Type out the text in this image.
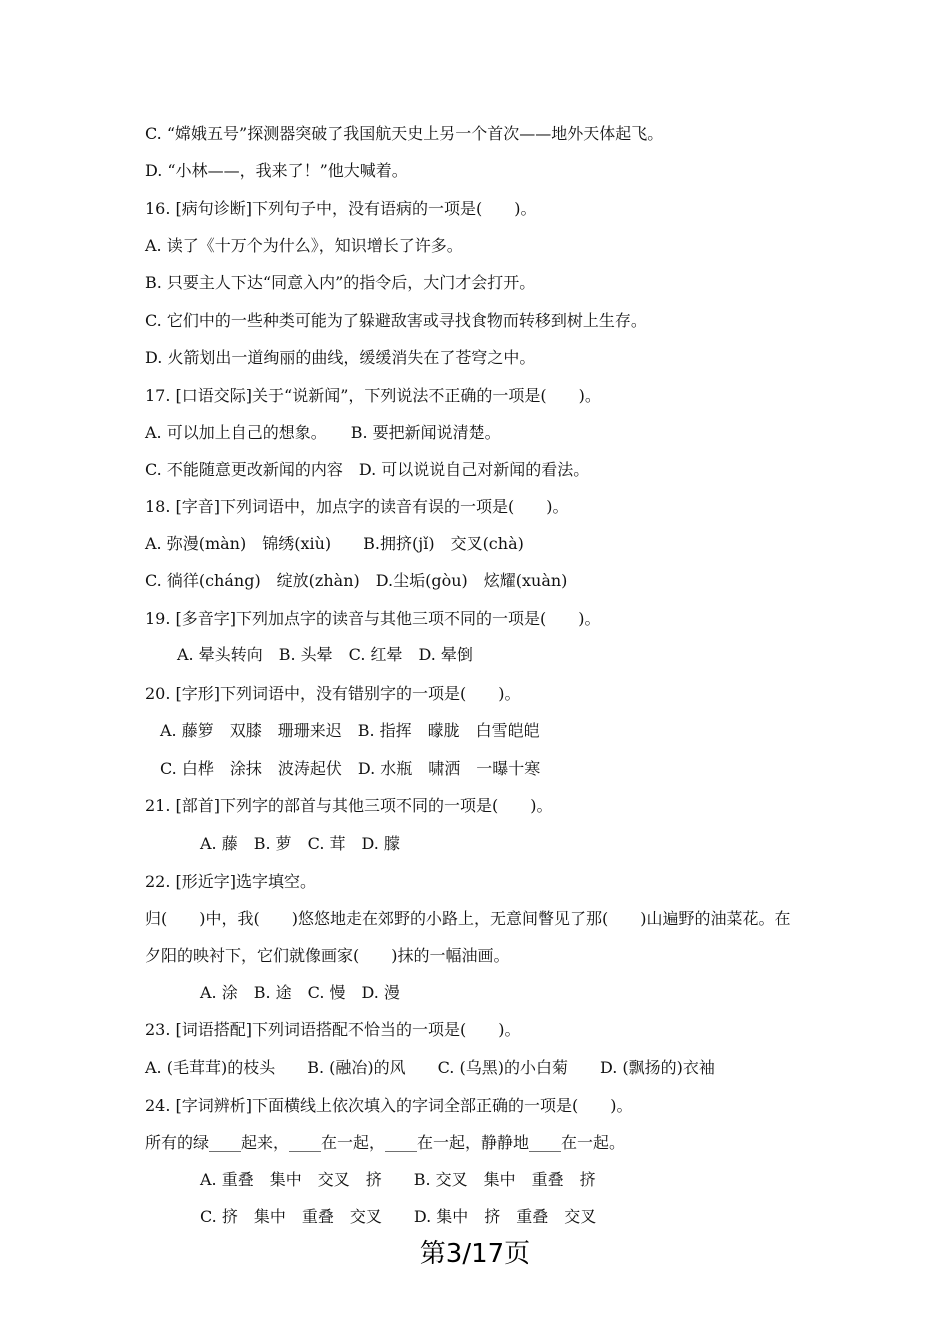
C. “嫦娥五号”探测器突破了我国航天史上另一个首次——地外天体起飞。
D. “小林——，我来了！”他大喊着。
16. [病句诊断]下列句子中，没有语病的一项是(　　)。
A. 读了《十万个为什么》，知识增长了许多。
B. 只要主人下达“同意入内”的指令后，大门才会打开。
C. 它们中的一些种类可能为了躲避敌害或寻找食物而转移到树上生存。
D. 火箭划出一道绚丽的曲线，缓缓消失在了苍穹之中。
17. [口语交际]关于“说新闻”，下列说法不正确的一项是(　　)。
A. 可以加上自己的想象。　　B. 要把新闻说清楚。
C. 不能随意更改新闻的内容　D. 可以说说自己对新闻的看法。
18. [字音]下列词语中，加点字的读音有误的一项是(　　)。
A. 弥漫(màn)　锦绣(xiù)　　B.拥挤(jǐ)　交叉(chà)
C. 徜徉(cháng)　绽放(zhàn)　D.尘垢(gòu)　炫耀(xuàn)
19. [多音字]下列加点字的读音与其他三项不同的一项是(　　)。
A. 晕头转向　B. 头晕　C. 红晕　D. 晕倒
20. [字形]下列词语中，没有错别字的一项是(　　)。
A. 藤箩　双膝　珊珊来迟　B. 指挥　曚胧　白雪皑皑
C. 白桦　涂抹　波涛起伏　D. 水瓶　啸洒　一曝十寒
21. [部首]下列字的部首与其他三项不同的一项是(　　)。
A. 藤　B. 萝　C. 茸　D. 朦
22. [形近字]选字填空。
归(　　)中，我(　　)悠悠地走在郊野的小路上，无意间瞥见了那(　　)山遍野的油菜花。在
夕阳的映衬下，它们就像画家(　　)抹的一幅油画。
A. 涂　B. 途　C. 慢　D. 漫
23. [词语搭配]下列词语搭配不恰当的一项是(　　)。
A. (毛茸茸)的枝头　　B. (融冶)的风　　C. (乌黑)的小白菊　　D. (飘扬的)衣袖
24. [字词辨析]下面横线上依次填入的字词全部正确的一项是(　　)。
所有的绿____起来，____在一起，____在一起，静静地____在一起。
A. 重叠　集中　交叉　挤　　B. 交叉　集中　重叠　挤
C. 挤　集中　重叠　交叉　　D. 集中　挤　重叠　交叉
第3/17页
